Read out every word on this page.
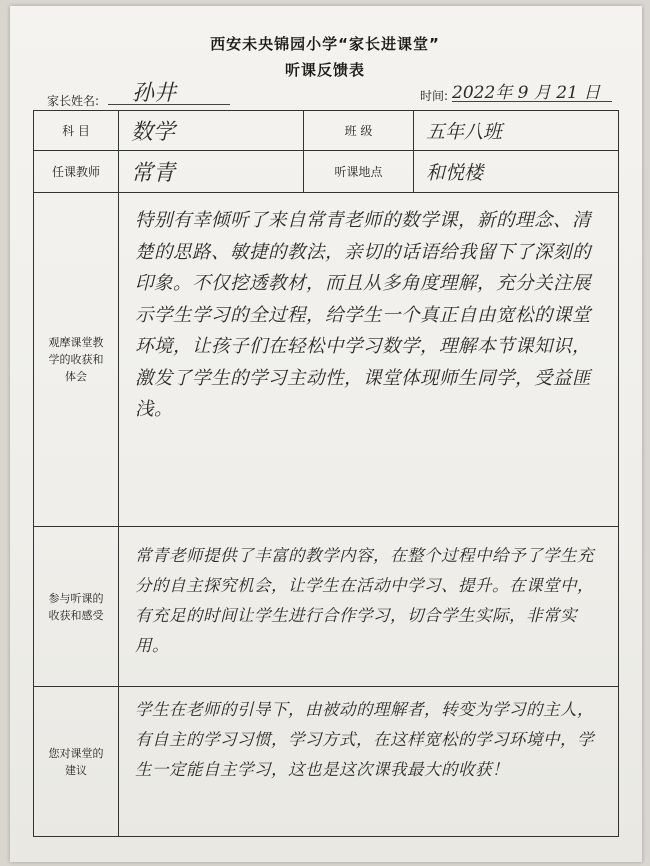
西安未央锦园小学“家长进课堂”
听课反馈表
家长姓名: 孙井	时间: 2022年 9 月 21 日
科 目	数学	班 级	五年八班
任课教师	常青	听课地点	和悦楼
观摩课堂教学的收获和体会	特别有幸倾听了来自常青老师的数学课，新的理念、清楚的思路、敏捷的教法，亲切的话语给我留下了深刻的印象。不仅挖透教材，而且从多角度理解，充分关注展示学生学习的全过程，给学生一个真正自由宽松的课堂环境，让孩子们在轻松中学习数学，理解本节课知识，激发了学生的学习主动性，课堂体现师生同学，受益匪浅。		
参与听课的收获和感受	常青老师提供了丰富的教学内容，在整个过程中给予了学生充分的自主探究机会，让学生在活动中学习、提升。在课堂中，有充足的时间让学生进行合作学习，切合学生实际，非常实用。		
您对课堂的建议	学生在老师的引导下，由被动的理解者，转变为学习的主人，有自主的学习习惯，学习方式，在这样宽松的学习环境中，学生一定能自主学习，这也是这次课我最大的收获！		
